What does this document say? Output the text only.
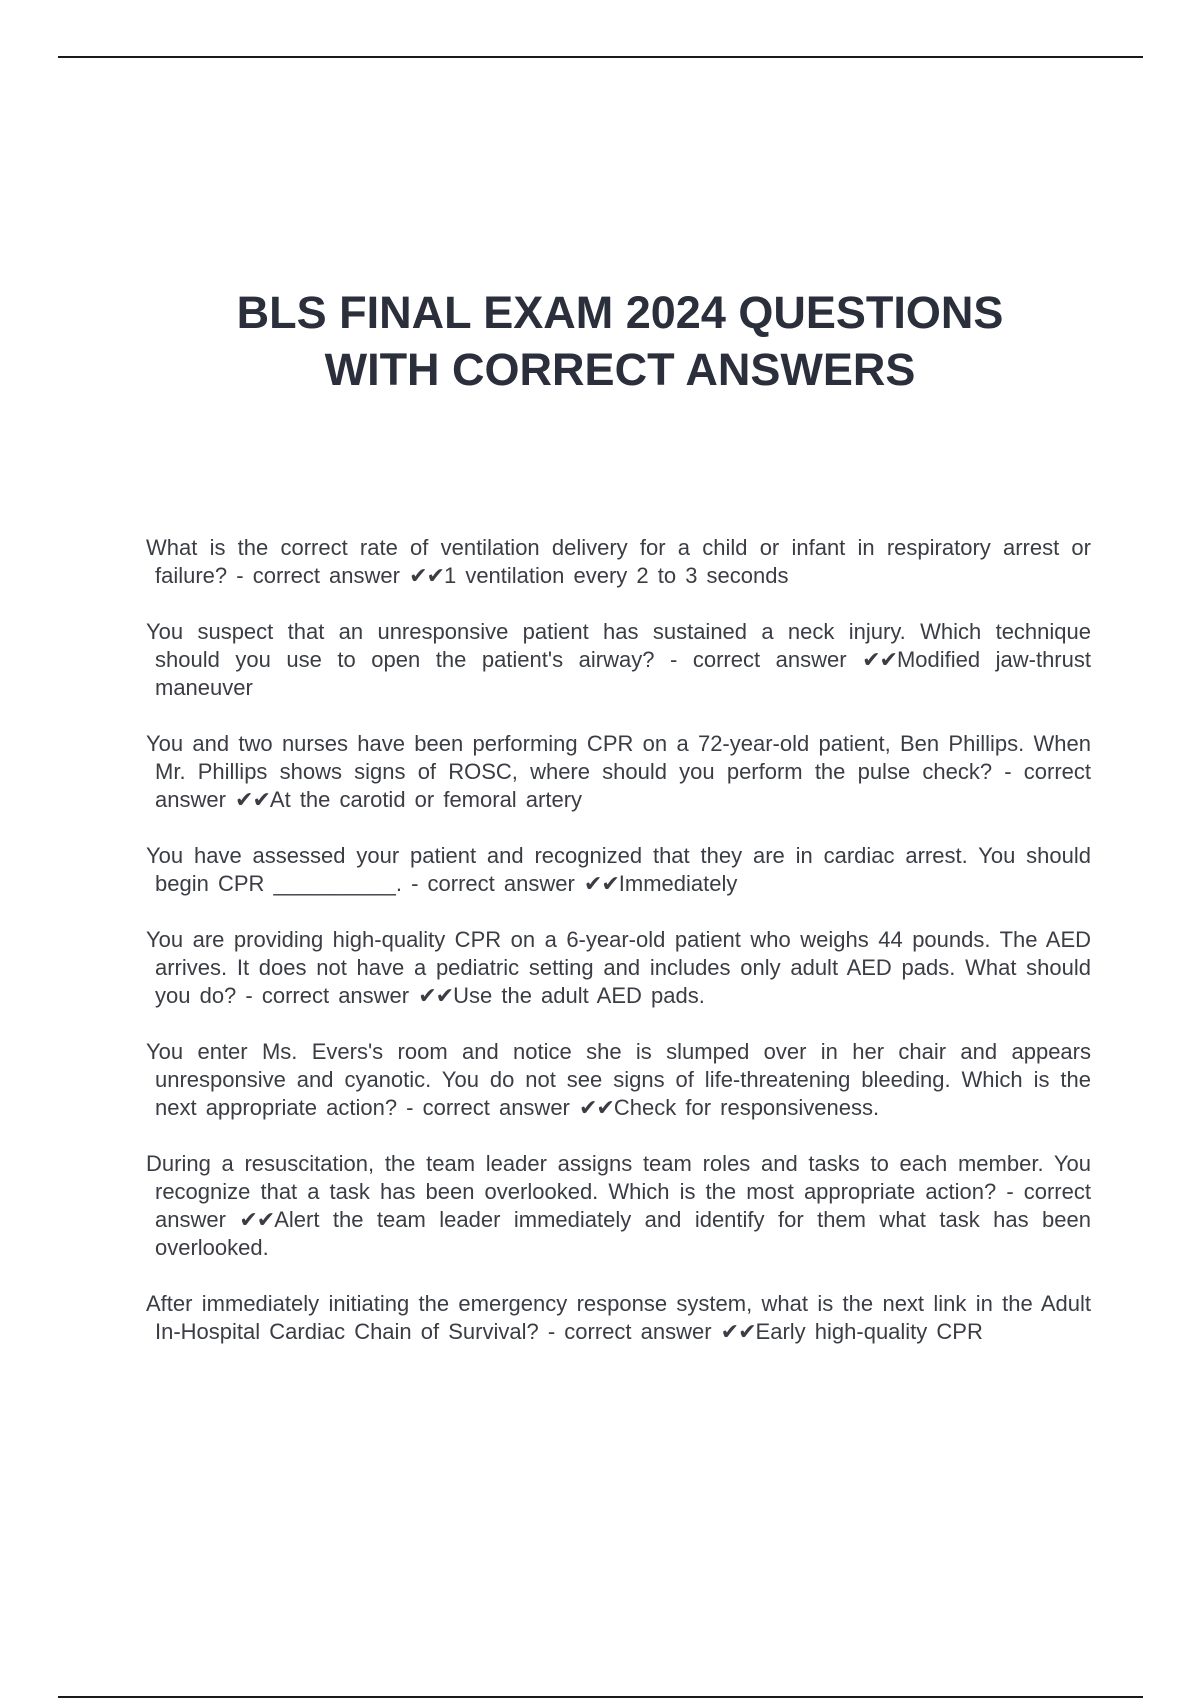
BLS FINAL EXAM 2024 QUESTIONS
WITH CORRECT ANSWERS

What is the correct rate of ventilation delivery for a child or infant in respiratory arrest or failure? - correct answer ✔✔1 ventilation every 2 to 3 seconds

You suspect that an unresponsive patient has sustained a neck injury. Which technique should you use to open the patient's airway? - correct answer ✔✔Modified jaw-thrust maneuver

You and two nurses have been performing CPR on a 72-year-old patient, Ben Phillips. When Mr. Phillips shows signs of ROSC, where should you perform the pulse check? - correct answer ✔✔At the carotid or femoral artery

You have assessed your patient and recognized that they are in cardiac arrest. You should begin CPR __________. - correct answer ✔✔Immediately

You are providing high-quality CPR on a 6-year-old patient who weighs 44 pounds. The AED arrives. It does not have a pediatric setting and includes only adult AED pads. What should you do? - correct answer ✔✔Use the adult AED pads.

You enter Ms. Evers's room and notice she is slumped over in her chair and appears unresponsive and cyanotic. You do not see signs of life-threatening bleeding. Which is the next appropriate action? - correct answer ✔✔Check for responsiveness.

During a resuscitation, the team leader assigns team roles and tasks to each member. You recognize that a task has been overlooked. Which is the most appropriate action? - correct answer ✔✔Alert the team leader immediately and identify for them what task has been overlooked.

After immediately initiating the emergency response system, what is the next link in the Adult In-Hospital Cardiac Chain of Survival? - correct answer ✔✔Early high-quality CPR
